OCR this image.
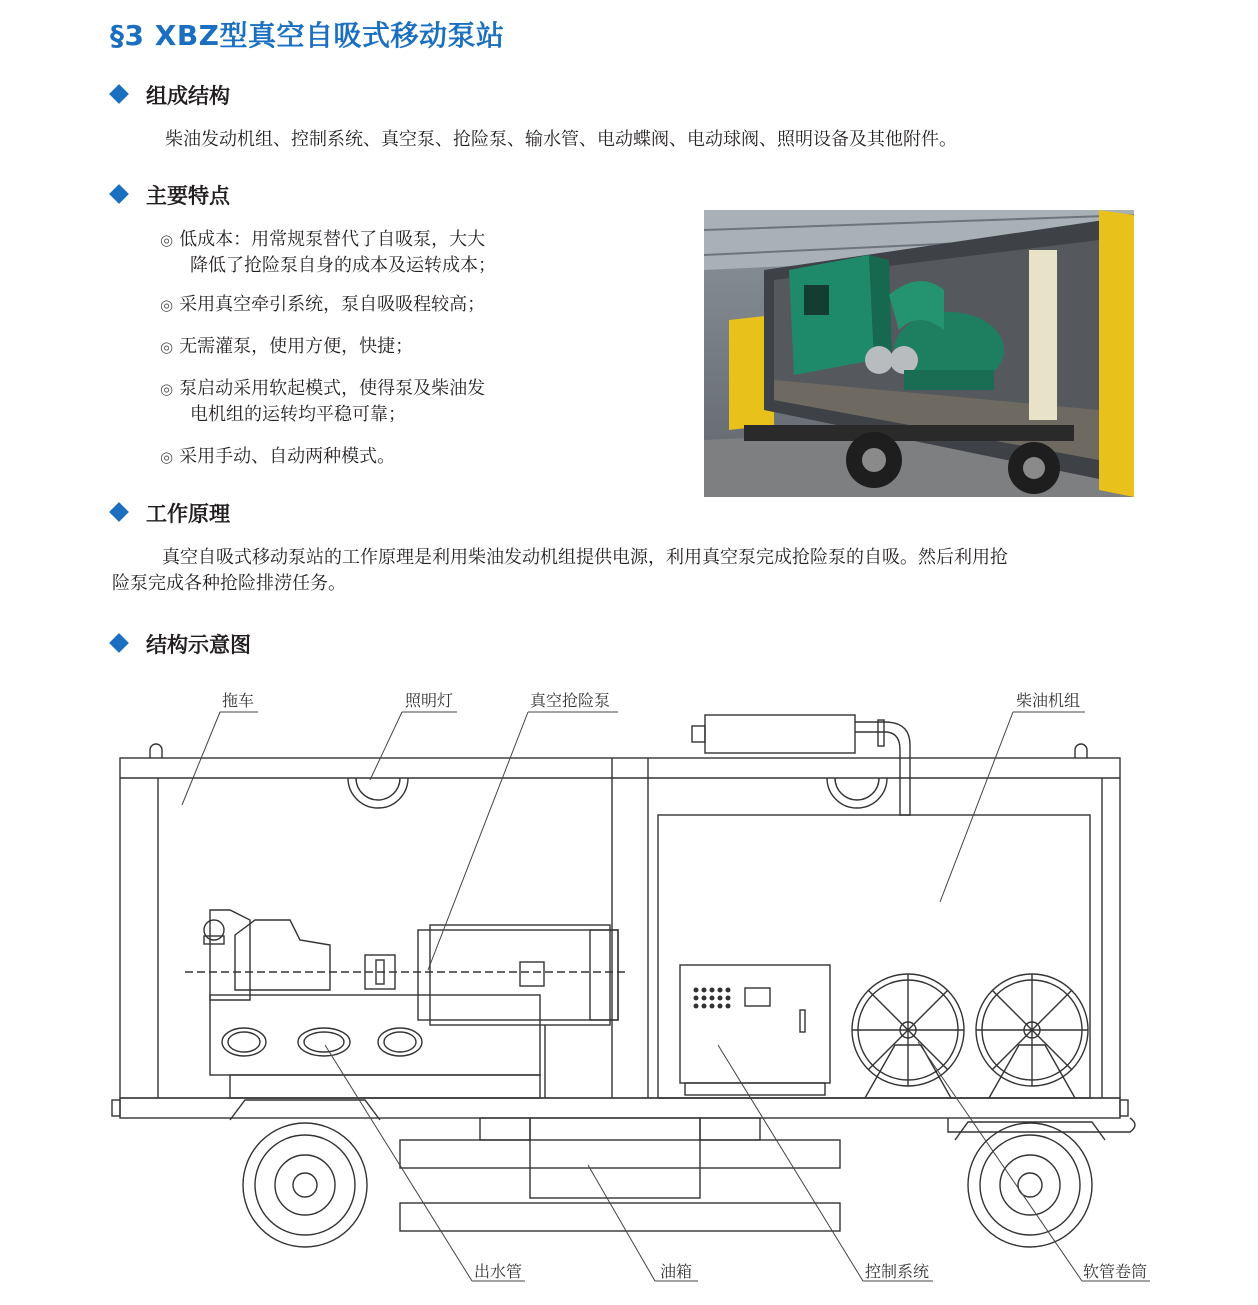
§3 XBZ型真空自吸式移动泵站
组成结构
柴油发动机组、控制系统、真空泵、抢险泵、输水管、电动蝶阀、电动球阀、照明设备及其他附件。
主要特点
◎ 低成本：用常规泵替代了自吸泵，大大
降低了抢险泵自身的成本及运转成本；
◎ 采用真空牵引系统，泵自吸吸程较高；
◎ 无需灌泵，使用方便，快捷；
◎ 泵启动采用软起模式，使得泵及柴油发
电机组的运转均平稳可靠；
◎ 采用手动、自动两种模式。
工作原理
真空自吸式移动泵站的工作原理是利用柴油发动机组提供电源，利用真空泵完成抢险泵的自吸。然后利用抢
险泵完成各种抢险排涝任务。
结构示意图
拖车	照明灯	真空抢险泵	柴油机组
出水管	油箱	控制系统	软管卷筒
